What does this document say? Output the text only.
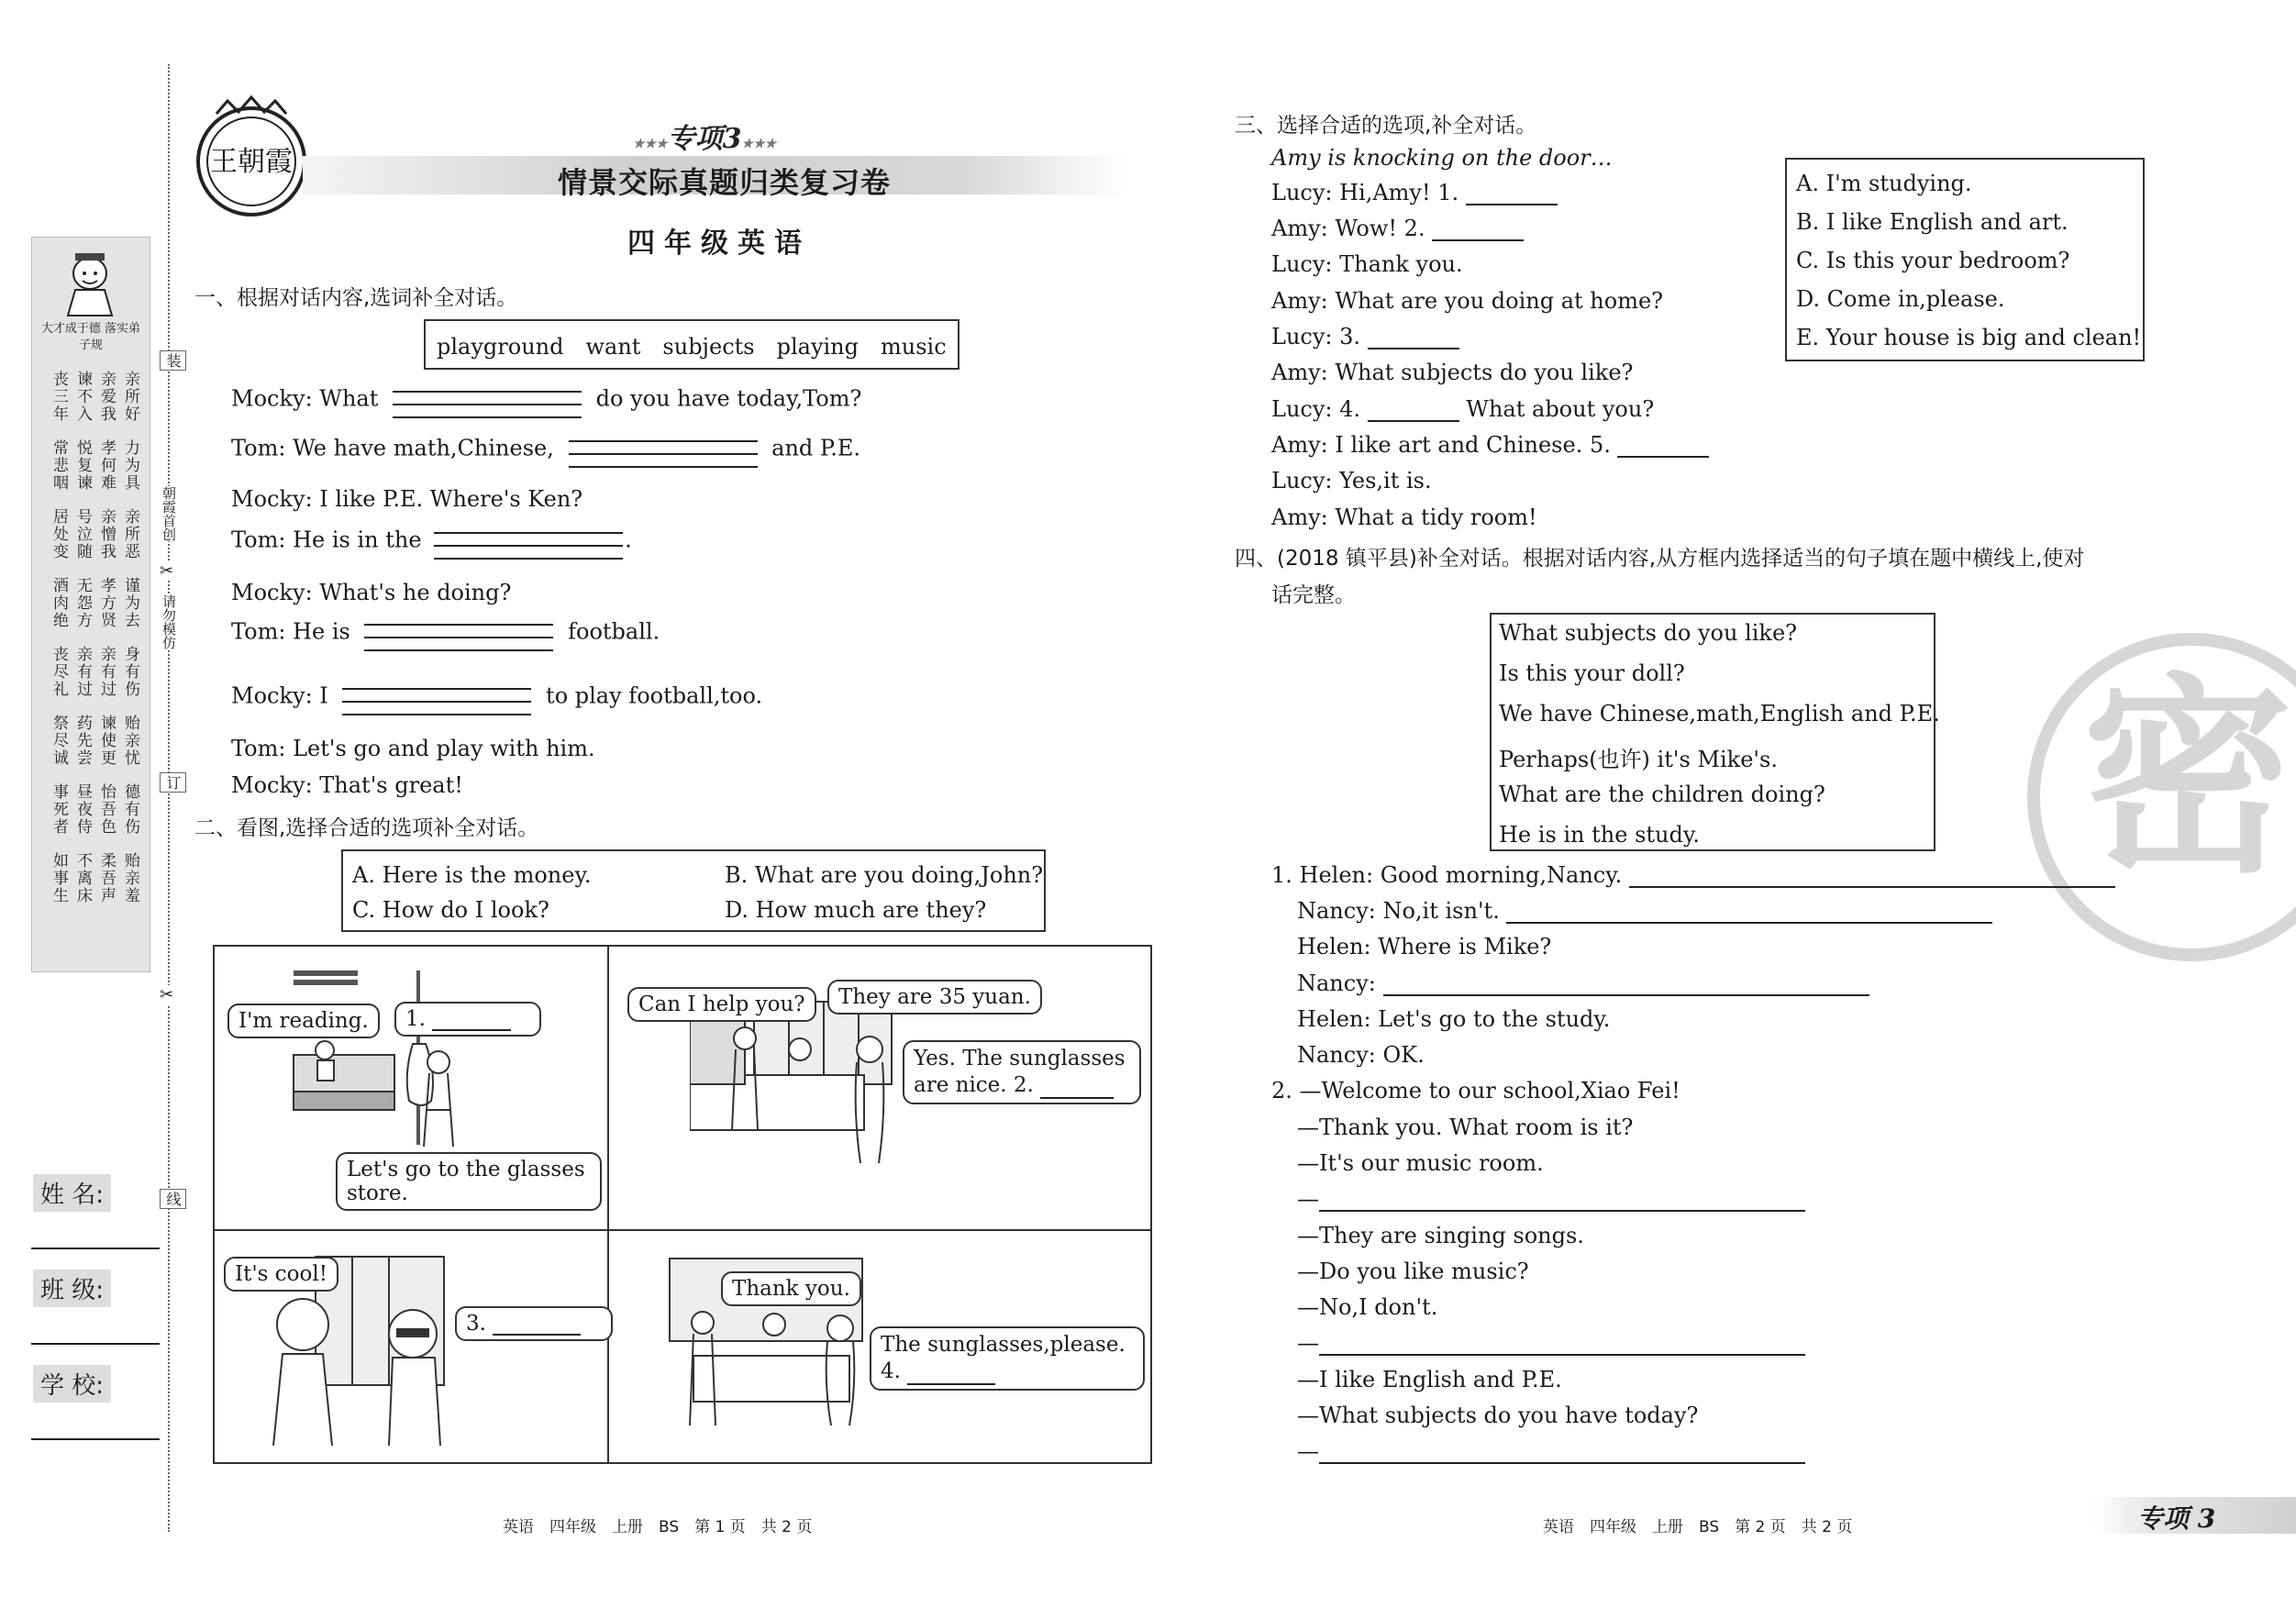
大才成于德 落实弟子规
丧三年 谏不入 亲爱我 亲所好
常悲咽 悦复谏 孝何难 力为具
居处变 号泣随 亲憎我 亲所恶
酒肉绝 无怨方 孝方贤 谨为去
丧尽礼 亲有过 亲有过 身有伤
祭尽诚 药先尝 谏使更 贻亲忧
事死者 昼夜侍 怡吾色 德有伤
如事生 不离床 柔吾声 贻亲羞
装
朝霞首创
✂
请勿模仿
订
✂
线
姓 名:
班 级:
学 校:
王朝霞
★★★专项3★★★
情景交际真题归类复习卷
四年级英语
一、根据对话内容,选词补全对话。
playground　want　subjects　playing　music
Mocky: What	do you have today,Tom?
Tom: We have math,Chinese,	and P.E.
Mocky: I like P.E. Where's Ken?
Tom: He is in the	.
Mocky: What's he doing?
Tom: He is	football.
Mocky: I	to play football,too.
Tom: Let's go and play with him.
Mocky: That's great!
二、看图,选择合适的选项补全对话。
A. Here is the money.	B. What are you doing,John?
C. How do I look?	D. How much are they?
I'm reading.	1.
Let's go to the glasses store.
Can I help you?	They are 35 yuan.
Yes. The sunglasses are nice. 2.
It's cool!
3.
Thank you.
The sunglasses,please. 4.
英语　四年级　上册　BS　第 1 页　共 2 页
密
三、选择合适的选项,补全对话。
Amy is knocking on the door…
Lucy: Hi,Amy! 1.
Amy: Wow! 2.
Lucy: Thank you.
Amy: What are you doing at home?
Lucy: 3.
Amy: What subjects do you like?
Lucy: 4.	What about you?
Amy: I like art and Chinese. 5.
Lucy: Yes,it is.
Amy: What a tidy room!
A. I'm studying.
B. I like English and art.
C. Is this your bedroom?
D. Come in,please.
E. Your house is big and clean!
四、(2018 镇平县)补全对话。根据对话内容,从方框内选择适当的句子填在题中横线上,使对
话完整。
What subjects do you like?
Is this your doll?
We have Chinese,math,English and P.E.
Perhaps(也许) it's Mike's.
What are the children doing?
He is in the study.
1. Helen: Good morning,Nancy.
Nancy: No,it isn't.
Helen: Where is Mike?
Nancy:
Helen: Let's go to the study.
Nancy: OK.
2. —Welcome to our school,Xiao Fei!
—Thank you. What room is it?
—It's our music room.
—
—They are singing songs.
—Do you like music?
—No,I don't.
—
—I like English and P.E.
—What subjects do you have today?
—
英语　四年级　上册　BS　第 2 页　共 2 页	专项 3
